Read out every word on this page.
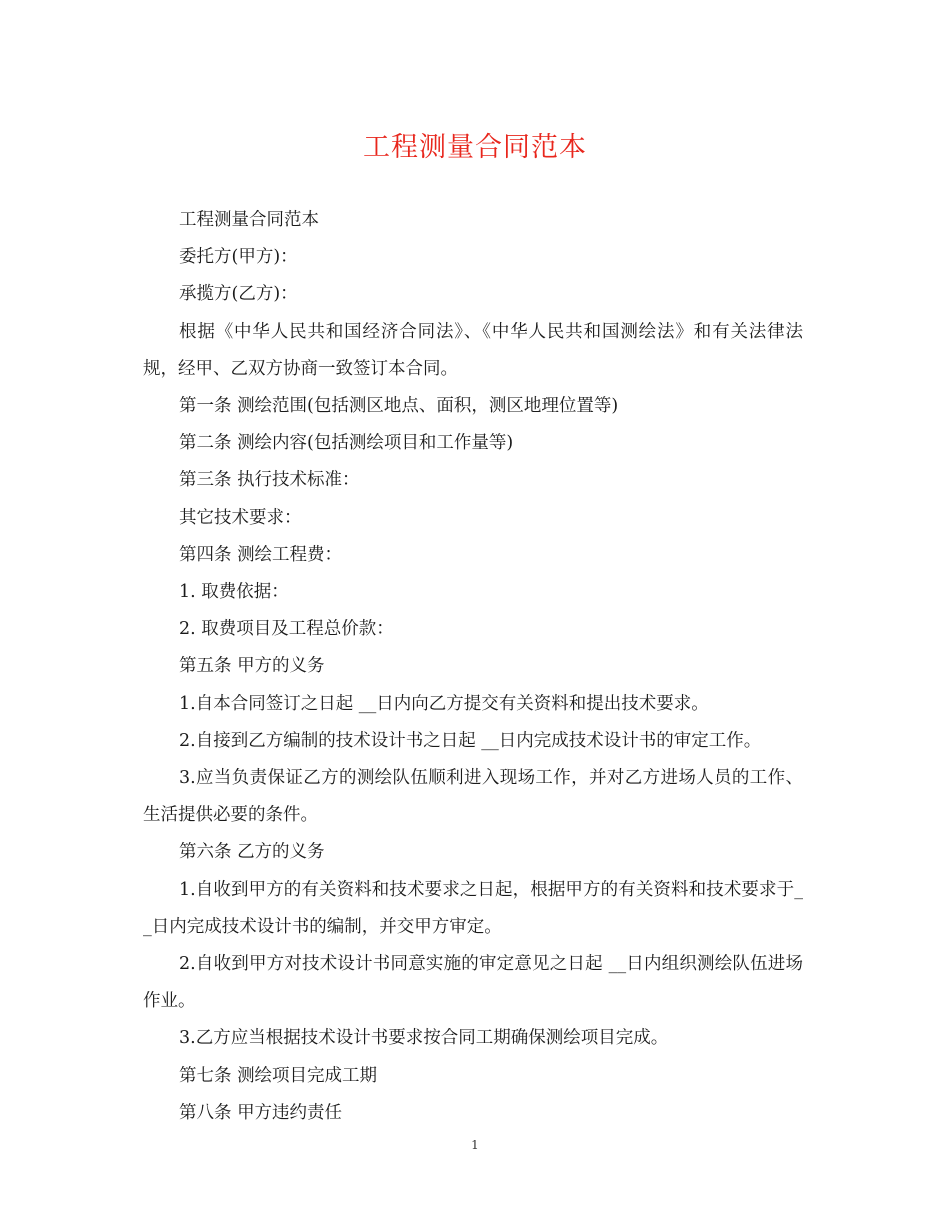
工程测量合同范本

工程测量合同范本

委托方(甲方)：

承揽方(乙方)：

根据《中华人民共和国经济合同法》、《中华人民共和国测绘法》和有关法律法规，经甲、乙双方协商一致签订本合同。

第一条 测绘范围(包括测区地点、面积，测区地理位置等)

第二条 测绘内容(包括测绘项目和工作量等)

第三条 执行技术标准：

其它技术要求：

第四条 测绘工程费：

1. 取费依据：

2. 取费项目及工程总价款：

第五条 甲方的义务

1.自本合同签订之日起 __日内向乙方提交有关资料和提出技术要求。

2.自接到乙方编制的技术设计书之日起 __日内完成技术设计书的审定工作。

3.应当负责保证乙方的测绘队伍顺利进入现场工作，并对乙方进场人员的工作、生活提供必要的条件。

第六条 乙方的义务

1.自收到甲方的有关资料和技术要求之日起，根据甲方的有关资料和技术要求于__日内完成技术设计书的编制，并交甲方审定。

2.自收到甲方对技术设计书同意实施的审定意见之日起 __日内组织测绘队伍进场作业。

3.乙方应当根据技术设计书要求按合同工期确保测绘项目完成。

第七条 测绘项目完成工期

第八条 甲方违约责任

1
